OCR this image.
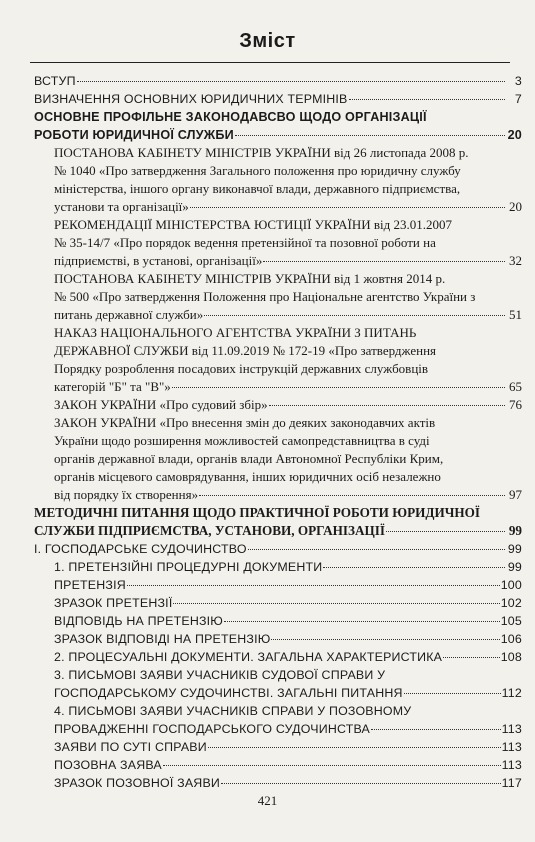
Зміст
ВСТУП	3
ВИЗНАЧЕННЯ ОСНОВНИХ ЮРИДИЧНИХ ТЕРМІНІВ	7
ОСНОВНЕ ПРОФІЛЬНЕ ЗАКОНОДАВСВО ЩОДО ОРГАНІЗАЦІЇ
РОБОТИ ЮРИДИЧНОЇ СЛУЖБИ	20
ПОСТАНОВА КАБІНЕТУ МІНІСТРІВ УКРАЇНИ від 26 листопада 2008 р.
№ 1040 «Про затвердження Загального положення про юридичну службу
міністерства, іншого органу виконавчої влади, державного підприємства,
установи та організації»	20
РЕКОМЕНДАЦІЇ МІНІСТЕРСТВА ЮСТИЦІЇ УКРАЇНИ від 23.01.2007
№ 35-14/7 «Про порядок ведення претензійної та позовної роботи на
підприємстві, в установі, організації»	32
ПОСТАНОВА КАБІНЕТУ МІНІСТРІВ УКРАЇНИ від 1 жовтня 2014 р.
№ 500 «Про затвердження Положення про Національне агентство України з
питань державної служби»	51
НАКАЗ НАЦІОНАЛЬНОГО АГЕНТСТВА УКРАЇНИ З ПИТАНЬ
ДЕРЖАВНОЇ СЛУЖБИ від 11.09.2019 № 172-19 «Про затвердження
Порядку розроблення посадових інструкцій державних службовців
категорій "Б" та "В"»	65
ЗАКОН УКРАЇНИ «Про судовий збір»	76
ЗАКОН УКРАЇНИ «Про внесення змін до деяких законодавчих актів
України щодо розширення можливостей самопредставництва в суді
органів державної влади, органів влади Автономної Республіки Крим,
органів місцевого самоврядування, інших юридичних осіб незалежно
від порядку їх створення»	97
МЕТОДИЧНІ ПИТАННЯ ЩОДО ПРАКТИЧНОЇ РОБОТИ ЮРИДИЧНОЇ
СЛУЖБИ ПІДПРИЄМСТВА, УСТАНОВИ, ОРГАНІЗАЦІЇ	99
І. ГОСПОДАРСЬКЕ СУДОЧИНСТВО	99
1. ПРЕТЕНЗІЙНІ ПРОЦЕДУРНІ ДОКУМЕНТИ	99
ПРЕТЕНЗІЯ	100
ЗРАЗОК ПРЕТЕНЗІЇ	102
ВІДПОВІДЬ НА ПРЕТЕНЗІЮ	105
ЗРАЗОК ВІДПОВІДІ НА ПРЕТЕНЗІЮ	106
2. ПРОЦЕСУАЛЬНІ ДОКУМЕНТИ. ЗАГАЛЬНА ХАРАКТЕРИСТИКА	108
3. ПИСЬМОВІ ЗАЯВИ УЧАСНИКІВ СУДОВОЇ СПРАВИ У
ГОСПОДАРСЬКОМУ СУДОЧИНСТВІ. ЗАГАЛЬНІ ПИТАННЯ	112
4. ПИСЬМОВІ ЗАЯВИ УЧАСНИКІВ СПРАВИ У ПОЗОВНОМУ
ПРОВАДЖЕННІ ГОСПОДАРСЬКОГО СУДОЧИНСТВА	113
ЗАЯВИ ПО СУТІ СПРАВИ	113
ПОЗОВНА ЗАЯВА	113
ЗРАЗОК ПОЗОВНОЇ ЗАЯВИ	117
421
